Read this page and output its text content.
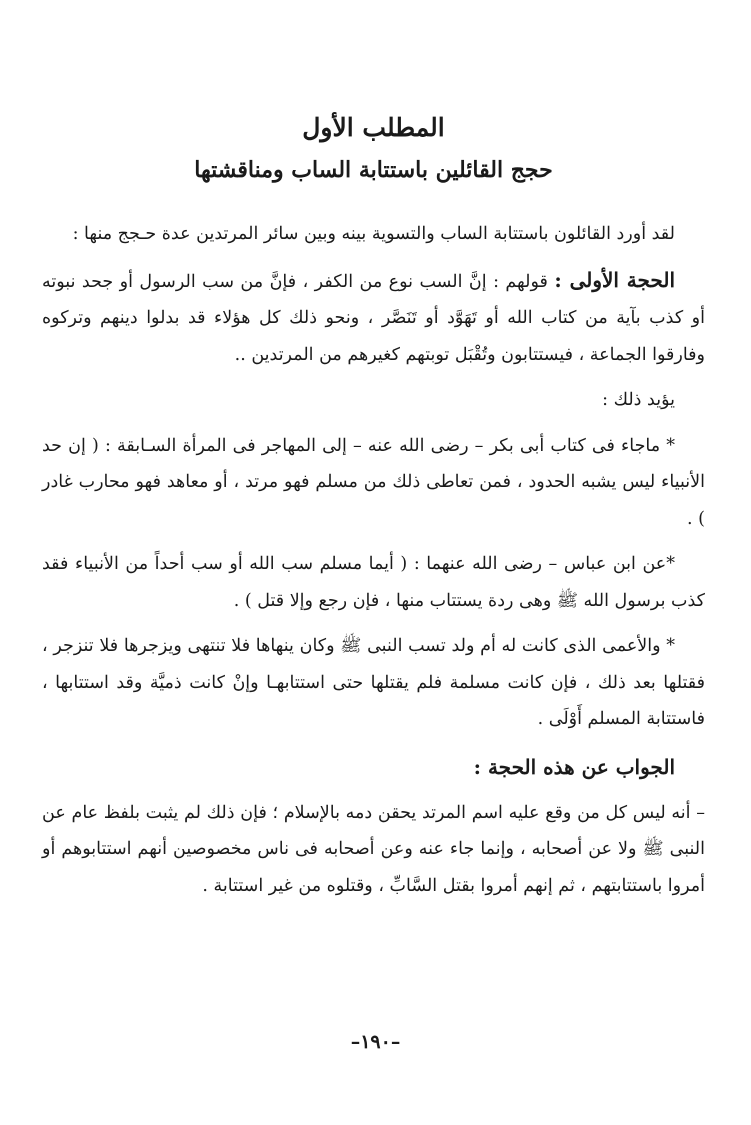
المطلب الأول
حجج القائلين باستتابة الساب ومناقشتها

لقد أورد القائلون باستتابة الساب والتسوية بينه وبين سائر المرتدين عدة حـجج منها :

الحجة الأولى : قولهم : إنَّ السب نوع من الكفر ، فإنَّ من سب الرسول أو جحد نبوته أو كذب بآية من كتاب الله أو تَهَوَّد أو تَنَصَّر ، ونحو ذلك كل هؤلاء قد بدلوا دينهم وتركوه وفارقوا الجماعة ، فيستتابون وتُقْبَل توبتهم كغيرهم من المرتدين ..

يؤيد ذلك :

* ماجاء فى كتاب أبى بكر – رضى الله عنه – إلى المهاجر فى المرأة السـابقة : ( إن حد الأنبياء ليس يشبه الحدود ، فمن تعاطى ذلك من مسلم فهو مرتد ، أو معاهد فهو محارب غادر ) .

*عن ابن عباس – رضى الله عنهما : ( أيما مسلم سب الله أو سب أحداً من الأنبياء فقد كذب برسول الله ﷺ وهى ردة يستتاب منها ، فإن رجع وإلا قتل ) .

* والأعمى الذى كانت له أم ولد تسب النبى ﷺ وكان ينهاها فلا تنتهى ويزجرها فلا تنزجر ، فقتلها بعد ذلك ، فإن كانت مسلمة فلم يقتلها حتى استتابهـا وإنْ كانت ذميَّة وقد استتابها ، فاستتابة المسلم أَوْلَى .

الجواب عن هذه الحجة :

– أنه ليس كل من وقع عليه اسم المرتد يحقن دمه بالإسلام ؛ فإن ذلك لم يثبت بلفظ عام عن النبى ﷺ ولا عن أصحابه ، وإنما جاء عنه وعن أصحابه فى ناس مخصوصين أنهم استتابوهم أو أمروا باستتابتهم ، ثم إنهم أمروا بقتل السَّابِّ ، وقتلوه من غير استتابة .

–١٩٠–
